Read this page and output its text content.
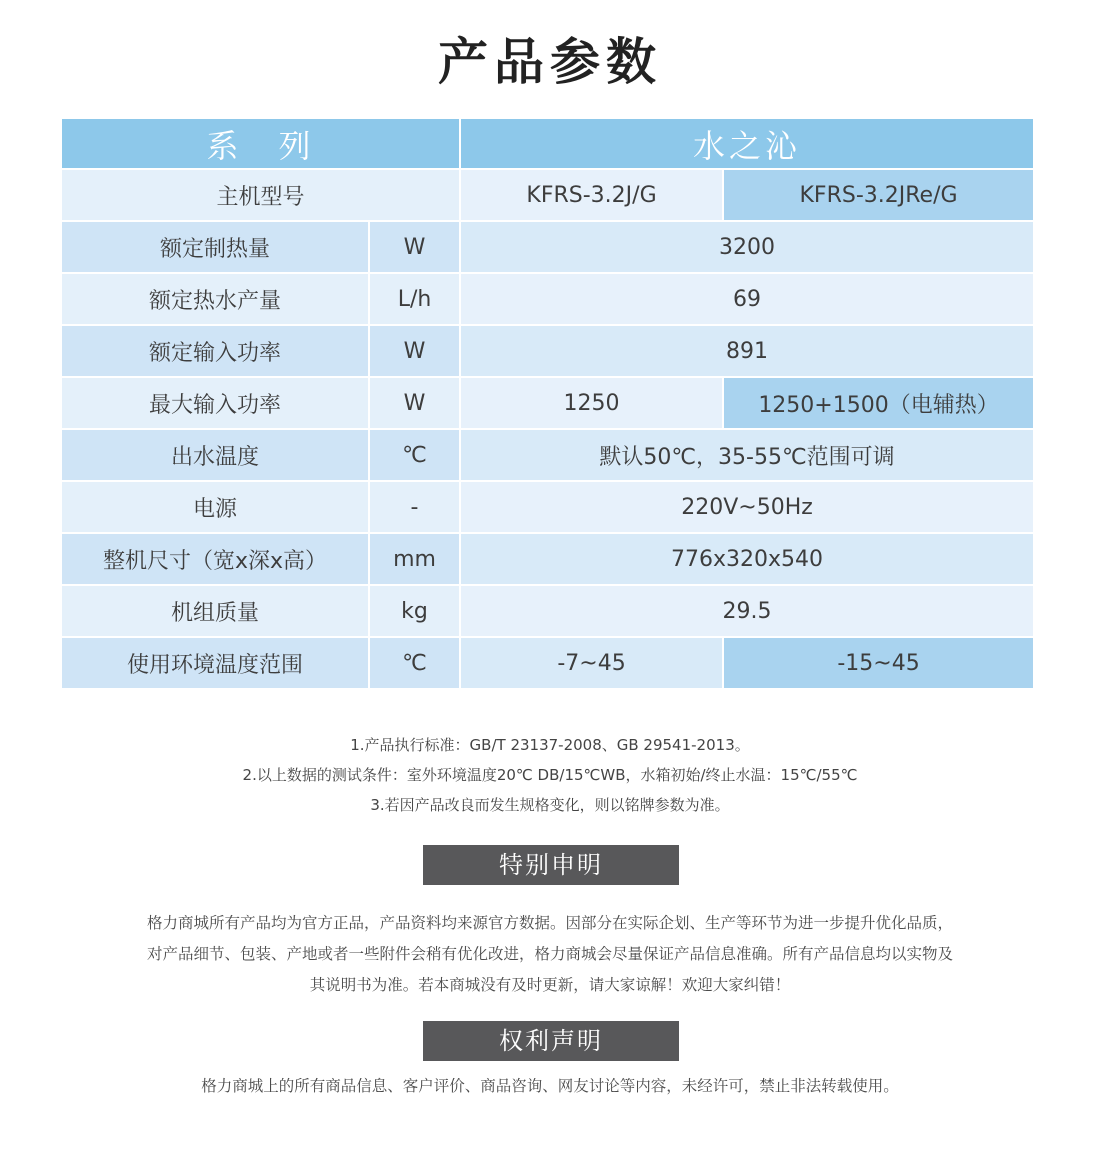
产品参数
系　列		水之沁	
主机型号		KFRS-3.2J/G	KFRS-3.2JRe/G
额定制热量	W	3200	
额定热水产量	L/h	69	
额定输入功率	W	891	
最大输入功率	W	1250	1250+1500（电辅热）
出水温度	℃	默认50℃，35-55℃范围可调	
电源	-	220V~50Hz	
整机尺寸（宽x深x高）	mm	776x320x540	
机组质量	kg	29.5	
使用环境温度范围	℃	-7~45	-15~45
1.产品执行标准：GB/T 23137-2008、GB 29541-2013。
2.以上数据的测试条件：室外环境温度20℃ DB/15℃WB，水箱初始/终止水温：15℃/55℃
3.若因产品改良而发生规格变化，则以铭牌参数为准。
特别申明
格力商城所有产品均为官方正品，产品资料均来源官方数据。因部分在实际企划、生产等环节为进一步提升优化品质，
对产品细节、包装、产地或者一些附件会稍有优化改进，格力商城会尽量保证产品信息准确。所有产品信息均以实物及
其说明书为准。若本商城没有及时更新，请大家谅解！欢迎大家纠错！
权利声明
格力商城上的所有商品信息、客户评价、商品咨询、网友讨论等内容，未经许可，禁止非法转载使用。
